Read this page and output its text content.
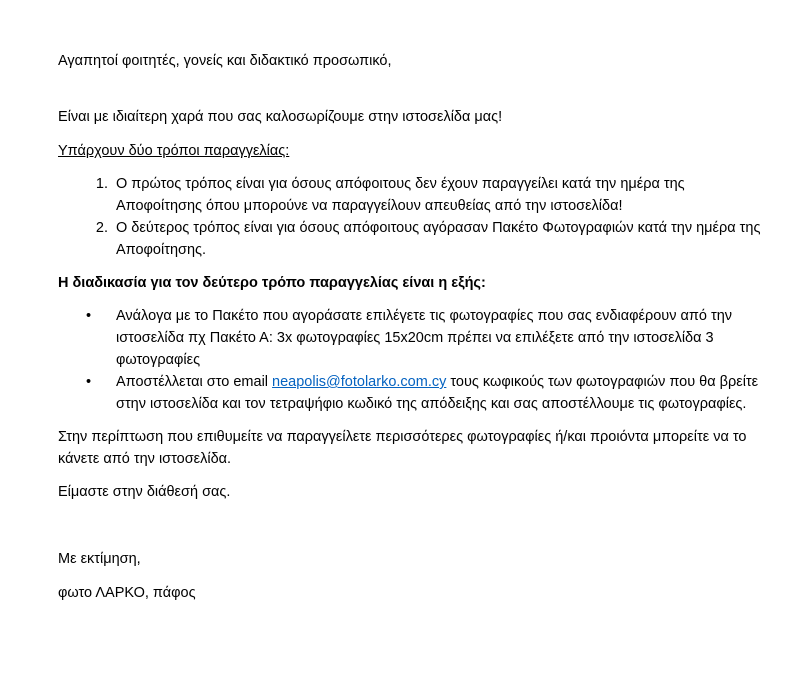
Αγαπητοί φοιτητές, γονείς και διδακτικό προσωπικό,

Είναι με ιδιαίτερη χαρά που σας καλοσωρίζουμε στην ιστοσελίδα μας!

Υπάρχουν δύο τρόποι παραγγελίας:

1. Ο πρώτος τρόπος είναι για όσους απόφοιτους δεν έχουν παραγγείλει κατά την ημέρα της Αποφοίτησης όπου μπορούνε να παραγγείλουν απευθείας από την ιστοσελίδα!
2. Ο δεύτερος τρόπος είναι για όσους απόφοιτους αγόρασαν Πακέτο Φωτογραφιών κατά την ημέρα της Αποφοίτησης.

Η διαδικασία για τον δεύτερο τρόπο παραγγελίας είναι η εξής:

• Ανάλογα με το Πακέτο που αγοράσατε επιλέγετε τις φωτογραφίες που σας ενδιαφέρουν από την ιστοσελίδα πχ Πακέτο Α: 3x φωτογραφίες 15x20cm πρέπει να επιλέξετε από την ιστοσελίδα 3 φωτογραφίες
• Αποστέλλεται στο email neapolis@fotolarko.com.cy τους κωφικούς των φωτογραφιών που θα βρείτε στην ιστοσελίδα και τον τετραψήφιο κωδικό της απόδειξης και σας αποστέλλουμε τις φωτογραφίες.

Στην περίπτωση που επιθυμείτε να παραγγείλετε περισσότερες φωτογραφίες ή/και προιόντα μπορείτε να το κάνετε από την ιστοσελίδα.

Είμαστε στην διάθεσή σας.

Με εκτίμηση,

φωτο ΛΑΡΚΟ, πάφος
